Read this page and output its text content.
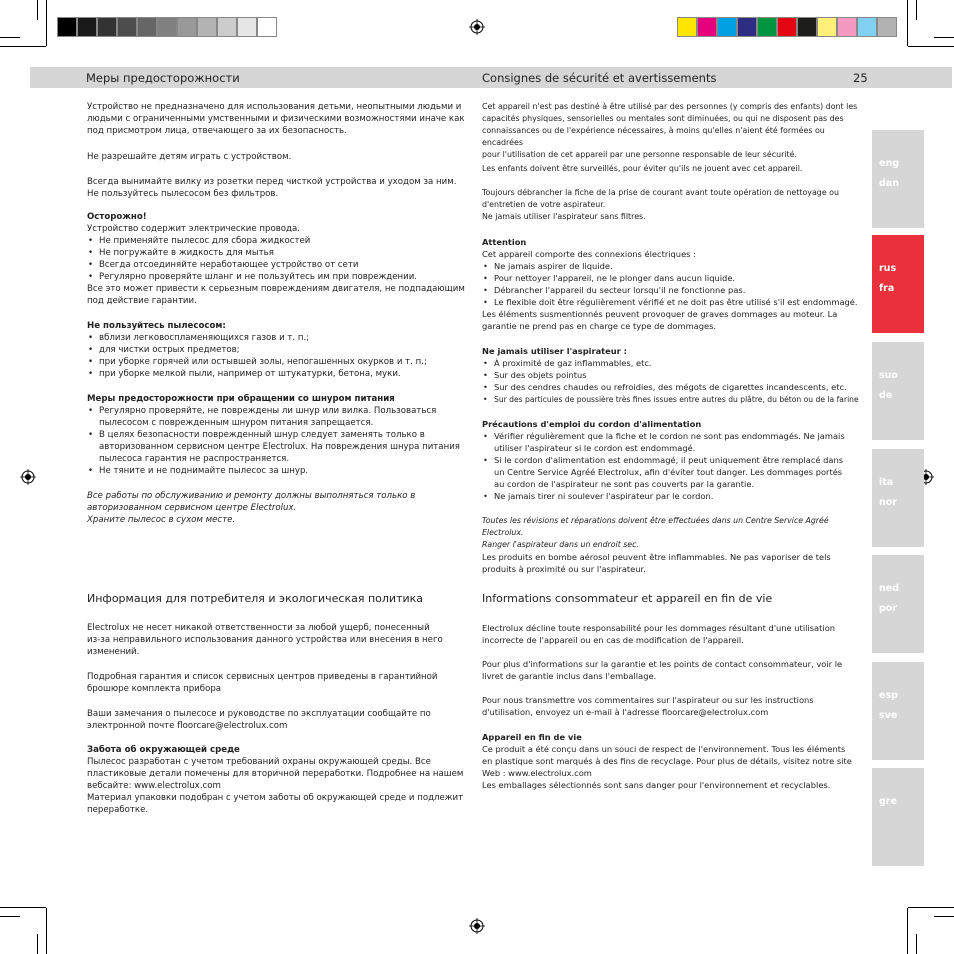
Меры предосторожности	Consignes de sécurité et avertissements	25
eng
dan
rus
fra
suo
de
ita
nor
ned
por
esp
sve
gre

Устройство не предназначено для использования детьми, неопытными людьми и
людьми с ограниченными умственными и физическими возможностями иначе как
под присмотром лица, отвечающего за их безопасность.

Не разрешайте детям играть с устройством.

Всегда вынимайте вилку из розетки перед чисткой устройства и уходом за ним.
Не пользуйтесь пылесосом без фильтров.

Осторожно!

Устройство содержит электрические провода.

• Не применяйте пылесос для сбора жидкостей
• Не погружайте в жидкость для мытья
• Всегда отсоединяйте неработающее устройство от сети
• Регулярно проверяйте шланг и не пользуйтесь им при повреждении.

Все это может привести к серьезным повреждениям двигателя, не подпадающим
под действие гарантии.

Не пользуйтесь пылесосом:

• вблизи легковоспламеняющихся газов и т. п.;
• для чистки острых предметов;
• при уборке горячей или остывшей золы, непогашенных окурков и т. п.;
• при уборке мелкой пыли, например от штукатурки, бетона, муки.

Меры предосторожности при обращении со шнуром питания

• Регулярно проверяйте, не повреждены ли шнур или вилка. Пользоваться
пылесосом с поврежденным шнуром питания запрещается.
• В целях безопасности поврежденный шнур следует заменять только в
авторизованном сервисном центре Electrolux. На повреждения шнура питания
пылесоса гарантия не распространяется.
• Не тяните и не поднимайте пылесос за шнур.

Все работы по обслуживанию и ремонту должны выполняться только в
авторизованном сервисном центре Electrolux.
Храните пылесос в сухом месте.

Информация для потребителя и экологическая политика

Electrolux не несет никакой ответственности за любой ущерб, понесенный
из-за неправильного использования данного устройства или внесения в него
изменений.

Подробная гарантия и список сервисных центров приведены в гарантийной
брошюре комплекта прибора

Ваши замечания о пылесосе и руководстве по эксплуатации сообщайте по
электронной почте floorcare@electrolux.com

Забота об окружающей среде

Пылесос разработан с учетом требований охраны окружающей среды. Все
пластиковые детали помечены для вторичной переработки. Подробнее на нашем
вебсайте: www.electrolux.com
Материал упаковки подобран с учетом заботы об окружающей среде и подлежит
переработке.

Cet appareil n'est pas destiné à être utilisé par des personnes (y compris des enfants) dont les
capacités physiques, sensorielles ou mentales sont diminuées, ou qui ne disposent pas des
connaissances ou de l'expérience nécessaires, à moins qu'elles n'aient été formées ou encadrées
pour l'utilisation de cet appareil par une personne responsable de leur sécurité.

Les enfants doivent être surveillés, pour éviter qu'ils ne jouent avec cet appareil.

Toujours débrancher la fiche de la prise de courant avant toute opération de nettoyage ou
d'entretien de votre aspirateur.
Ne jamais utiliser l'aspirateur sans filtres.

Attention

Cet appareil comporte des connexions électriques :

• Ne jamais aspirer de liquide.
• Pour nettoyer l'appareil, ne le plonger dans aucun liquide.
• Débrancher l'appareil du secteur lorsqu'il ne fonctionne pas.
• Le flexible doit être régulièrement vérifié et ne doit pas être utilisé s'il est endommagé.

Les éléments susmentionnés peuvent provoquer de graves dommages au moteur. La
garantie ne prend pas en charge ce type de dommages.

Ne jamais utiliser l'aspirateur :

• À proximité de gaz inflammables, etc.
• Sur des objets pointus
• Sur des cendres chaudes ou refroidies, des mégots de cigarettes incandescents, etc.
• Sur des particules de poussière très fines issues entre autres du plâtre, du béton ou de la farine

Précautions d'emploi du cordon d'alimentation

• Vérifier régulièrement que la fiche et le cordon ne sont pas endommagés. Ne jamais
utiliser l'aspirateur si le cordon est endommagé.
• Si le cordon d'alimentation est endommagé, il peut uniquement être remplacé dans
un Centre Service Agréé Electrolux, afin d'éviter tout danger. Les dommages portés
au cordon de l'aspirateur ne sont pas couverts par la garantie.
• Ne jamais tirer ni soulever l'aspirateur par le cordon.

Toutes les révisions et réparations doivent être effectuées dans un Centre Service Agréé Electrolux.
Ranger l'aspirateur dans un endroit sec.

Les produits en bombe aérosol peuvent être inflammables. Ne pas vaporiser de tels
produits à proximité ou sur l'aspirateur.

Informations consommateur et appareil en fin de vie

Electrolux décline toute responsabilité pour les dommages résultant d'une utilisation
incorrecte de l'appareil ou en cas de modification de l'appareil.

Pour plus d'informations sur la garantie et les points de contact consommateur, voir le
livret de garantie inclus dans l'emballage.

Pour nous transmettre vos commentaires sur l'aspirateur ou sur les instructions
d'utilisation, envoyez un e-mail à l'adresse floorcare@electrolux.com

Appareil en fin de vie

Ce produit a été conçu dans un souci de respect de l'environnement. Tous les éléments
en plastique sont marqués à des fins de recyclage. Pour plus de détails, visitez notre site
Web : www.electrolux.com
Les emballages sélectionnés sont sans danger pour l'environnement et recyclables.
